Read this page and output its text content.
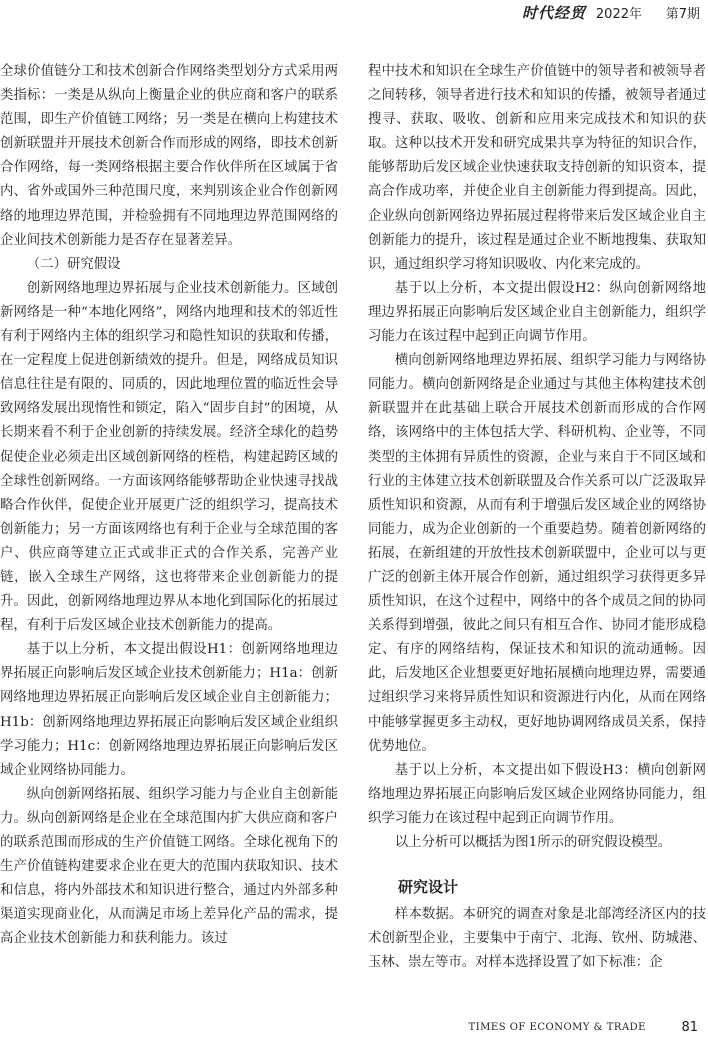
时代经贸 2022年 第7期

全球价值链分工和技术创新合作网络类型划分方式采用两类指标：一类是从纵向上衡量企业的供应商和客户的联系范围，即生产价值链工网络；另一类是在横向上构建技术创新联盟并开展技术创新合作而形成的网络，即技术创新合作网络，每一类网络根据主要合作伙伴所在区域属于省内、省外或国外三种范围尺度，来判别该企业合作创新网络的地理边界范围，并检验拥有不同地理边界范围网络的企业间技术创新能力是否存在显著差异。

（二）研究假设

创新网络地理边界拓展与企业技术创新能力。区域创新网络是一种“本地化网络”，网络内地理和技术的邻近性有利于网络内主体的组织学习和隐性知识的获取和传播，在一定程度上促进创新绩效的提升。但是，网络成员知识信息往往是有限的、同质的，因此地理位置的临近性会导致网络发展出现惰性和锁定，陷入“固步自封”的困境，从长期来看不利于企业创新的持续发展。经济全球化的趋势促使企业必须走出区域创新网络的桎梏，构建起跨区域的全球性创新网络。一方面该网络能够帮助企业快速寻找战略合作伙伴，促使企业开展更广泛的组织学习，提高技术创新能力；另一方面该网络也有利于企业与全球范围的客户、供应商等建立正式或非正式的合作关系，完善产业链，嵌入全球生产网络，这也将带来企业创新能力的提升。因此，创新网络地理边界从本地化到国际化的拓展过程，有利于后发区域企业技术创新能力的提高。

基于以上分析，本文提出假设H1：创新网络地理边界拓展正向影响后发区域企业技术创新能力；H1a：创新网络地理边界拓展正向影响后发区域企业自主创新能力；H1b：创新网络地理边界拓展正向影响后发区域企业组织学习能力；H1c：创新网络地理边界拓展正向影响后发区域企业网络协同能力。

纵向创新网络拓展、组织学习能力与企业自主创新能力。纵向创新网络是企业在全球范围内扩大供应商和客户的联系范围而形成的生产价值链工网络。全球化视角下的生产价值链构建要求企业在更大的范围内获取知识、技术和信息，将内外部技术和知识进行整合，通过内外部多种渠道实现商业化，从而满足市场上差异化产品的需求，提高企业技术创新能力和获利能力。该过

程中技术和知识在全球生产价值链中的领导者和被领导者之间转移，领导者进行技术和知识的传播，被领导者通过搜寻、获取、吸收、创新和应用来完成技术和知识的获取。这种以技术开发和研究成果共享为特征的知识合作，能够帮助后发区域企业快速获取支持创新的知识资本，提高合作成功率，并使企业自主创新能力得到提高。因此，企业纵向创新网络边界拓展过程将带来后发区域企业自主创新能力的提升，该过程是通过企业不断地搜集、获取知识，通过组织学习将知识吸收、内化来完成的。

基于以上分析，本文提出假设H2：纵向创新网络地理边界拓展正向影响后发区域企业自主创新能力，组织学习能力在该过程中起到正向调节作用。

横向创新网络地理边界拓展、组织学习能力与网络协同能力。横向创新网络是企业通过与其他主体构建技术创新联盟并在此基础上联合开展技术创新而形成的合作网络，该网络中的主体包括大学、科研机构、企业等，不同类型的主体拥有异质性的资源，企业与来自于不同区域和行业的主体建立技术创新联盟及合作关系可以广泛汲取异质性知识和资源，从而有利于增强后发区域企业的网络协同能力，成为企业创新的一个重要趋势。随着创新网络的拓展，在新组建的开放性技术创新联盟中，企业可以与更广泛的创新主体开展合作创新，通过组织学习获得更多异质性知识，在这个过程中，网络中的各个成员之间的协同关系得到增强，彼此之间只有相互合作、协同才能形成稳定、有序的网络结构，保证技术和知识的流动通畅。因此，后发地区企业想要更好地拓展横向地理边界，需要通过组织学习来将异质性知识和资源进行内化，从而在网络中能够掌握更多主动权，更好地协调网络成员关系，保持优势地位。

基于以上分析，本文提出如下假设H3：横向创新网络地理边界拓展正向影响后发区域企业网络协同能力，组织学习能力在该过程中起到正向调节作用。

以上分析可以概括为图1所示的研究假设模型。

研究设计

样本数据。本研究的调查对象是北部湾经济区内的技术创新型企业，主要集中于南宁、北海、钦州、防城港、玉林、崇左等市。对样本选择设置了如下标准：企

TIMES OF ECONOMY & TRADE	81
